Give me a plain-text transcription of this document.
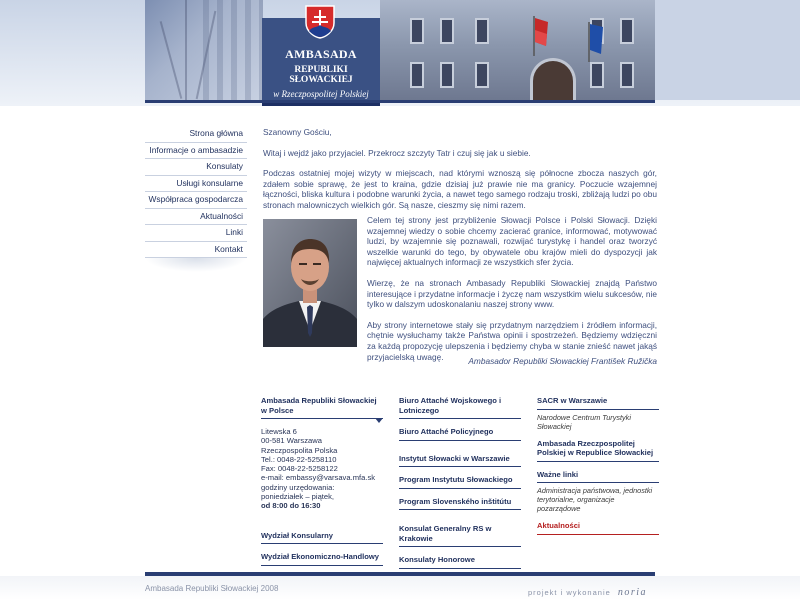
AMBASADA
REPUBLIKI SŁOWACKIEJ
w Rzeczpospolitej Polskiej
Strona główna
Informacje o ambasadzie
Konsulaty
Usługi konsularne
Współpraca gospodarcza
Aktualności
Linki
Kontakt

Szanowny Gościu,

Witaj i wejdź jako przyjaciel. Przekrocz szczyty Tatr i czuj się jak u siebie.

Podczas ostatniej mojej wizyty w miejscach, nad którymi wznoszą się północne zbocza naszych gór, zdałem sobie sprawę, że jest to kraina, gdzie dzisiaj już prawie nie ma granicy. Poczucie wzajemnej łączności, bliska kultura i podobne warunki życia, a nawet tego samego rodzaju troski, zbliżają ludzi po obu stronach malowniczych wielkich gór. Są nasze, cieszmy się nimi razem.

Celem tej strony jest przybliżenie Słowacji Polsce i Polski Słowacji. Dzięki wzajemnej wiedzy o sobie chcemy zacierać granice, informować, motywować ludzi, by wzajemnie się poznawali, rozwijać turystykę i handel oraz tworzyć wszelkie warunki do tego, by obywatele obu krajów mieli do dyspozycji jak najwięcej aktualnych informacji ze wszystkich sfer życia.

Wierzę, że na stronach Ambasady Republiki Słowackiej znajdą Państwo interesujące i przydatne informacje i życzę nam wszystkim wielu sukcesów, nie tylko w dalszym udoskonalaniu naszej strony www.

Aby strony internetowe stały się przydatnym narzędziem i źródłem informacji, chętnie wysłuchamy także Państwa opinii i spostrzeżeń. Będziemy wdzięczni za każdą propozycję ulepszenia i będziemy chyba w stanie znieść nawet jakąś przyjacielską uwagę.	Ambasador Republiki Słowackiej František Ružička
Ambasada Republiki Słowackiej w Polsce
Litewska 6
00-581 Warszawa
Rzeczpospolita Polska
Tel.: 0048-22-5258110
Fax: 0048-22-5258122
e-mail: embassy@varsava.mfa.sk
godziny urzędowania:
poniedziałek – piątek,
od 8:00 do 16:30
Wydział Konsularny
Wydział Ekonomiczno-Handlowy
Biuro Attaché Wojskowego i Lotniczego
Biuro Attaché Policyjnego
Instytut Słowacki w Warszawie
Program Instytutu Słowackiego
Program Slovenského inštitútu
Konsulat Generalny RS w Krakowie
Konsulaty Honorowe
SACR w Warszawie
Narodowe Centrum Turystyki Słowackiej
Ambasada Rzeczpospolitej Polskiej w Republice Słowackiej
Ważne linki
Administracja państwowa, jednostki terytorialne, organizacje pozarządowe
Aktualności
Ambasada Republiki Słowackiej 2008	projekt i wykonanie noria
